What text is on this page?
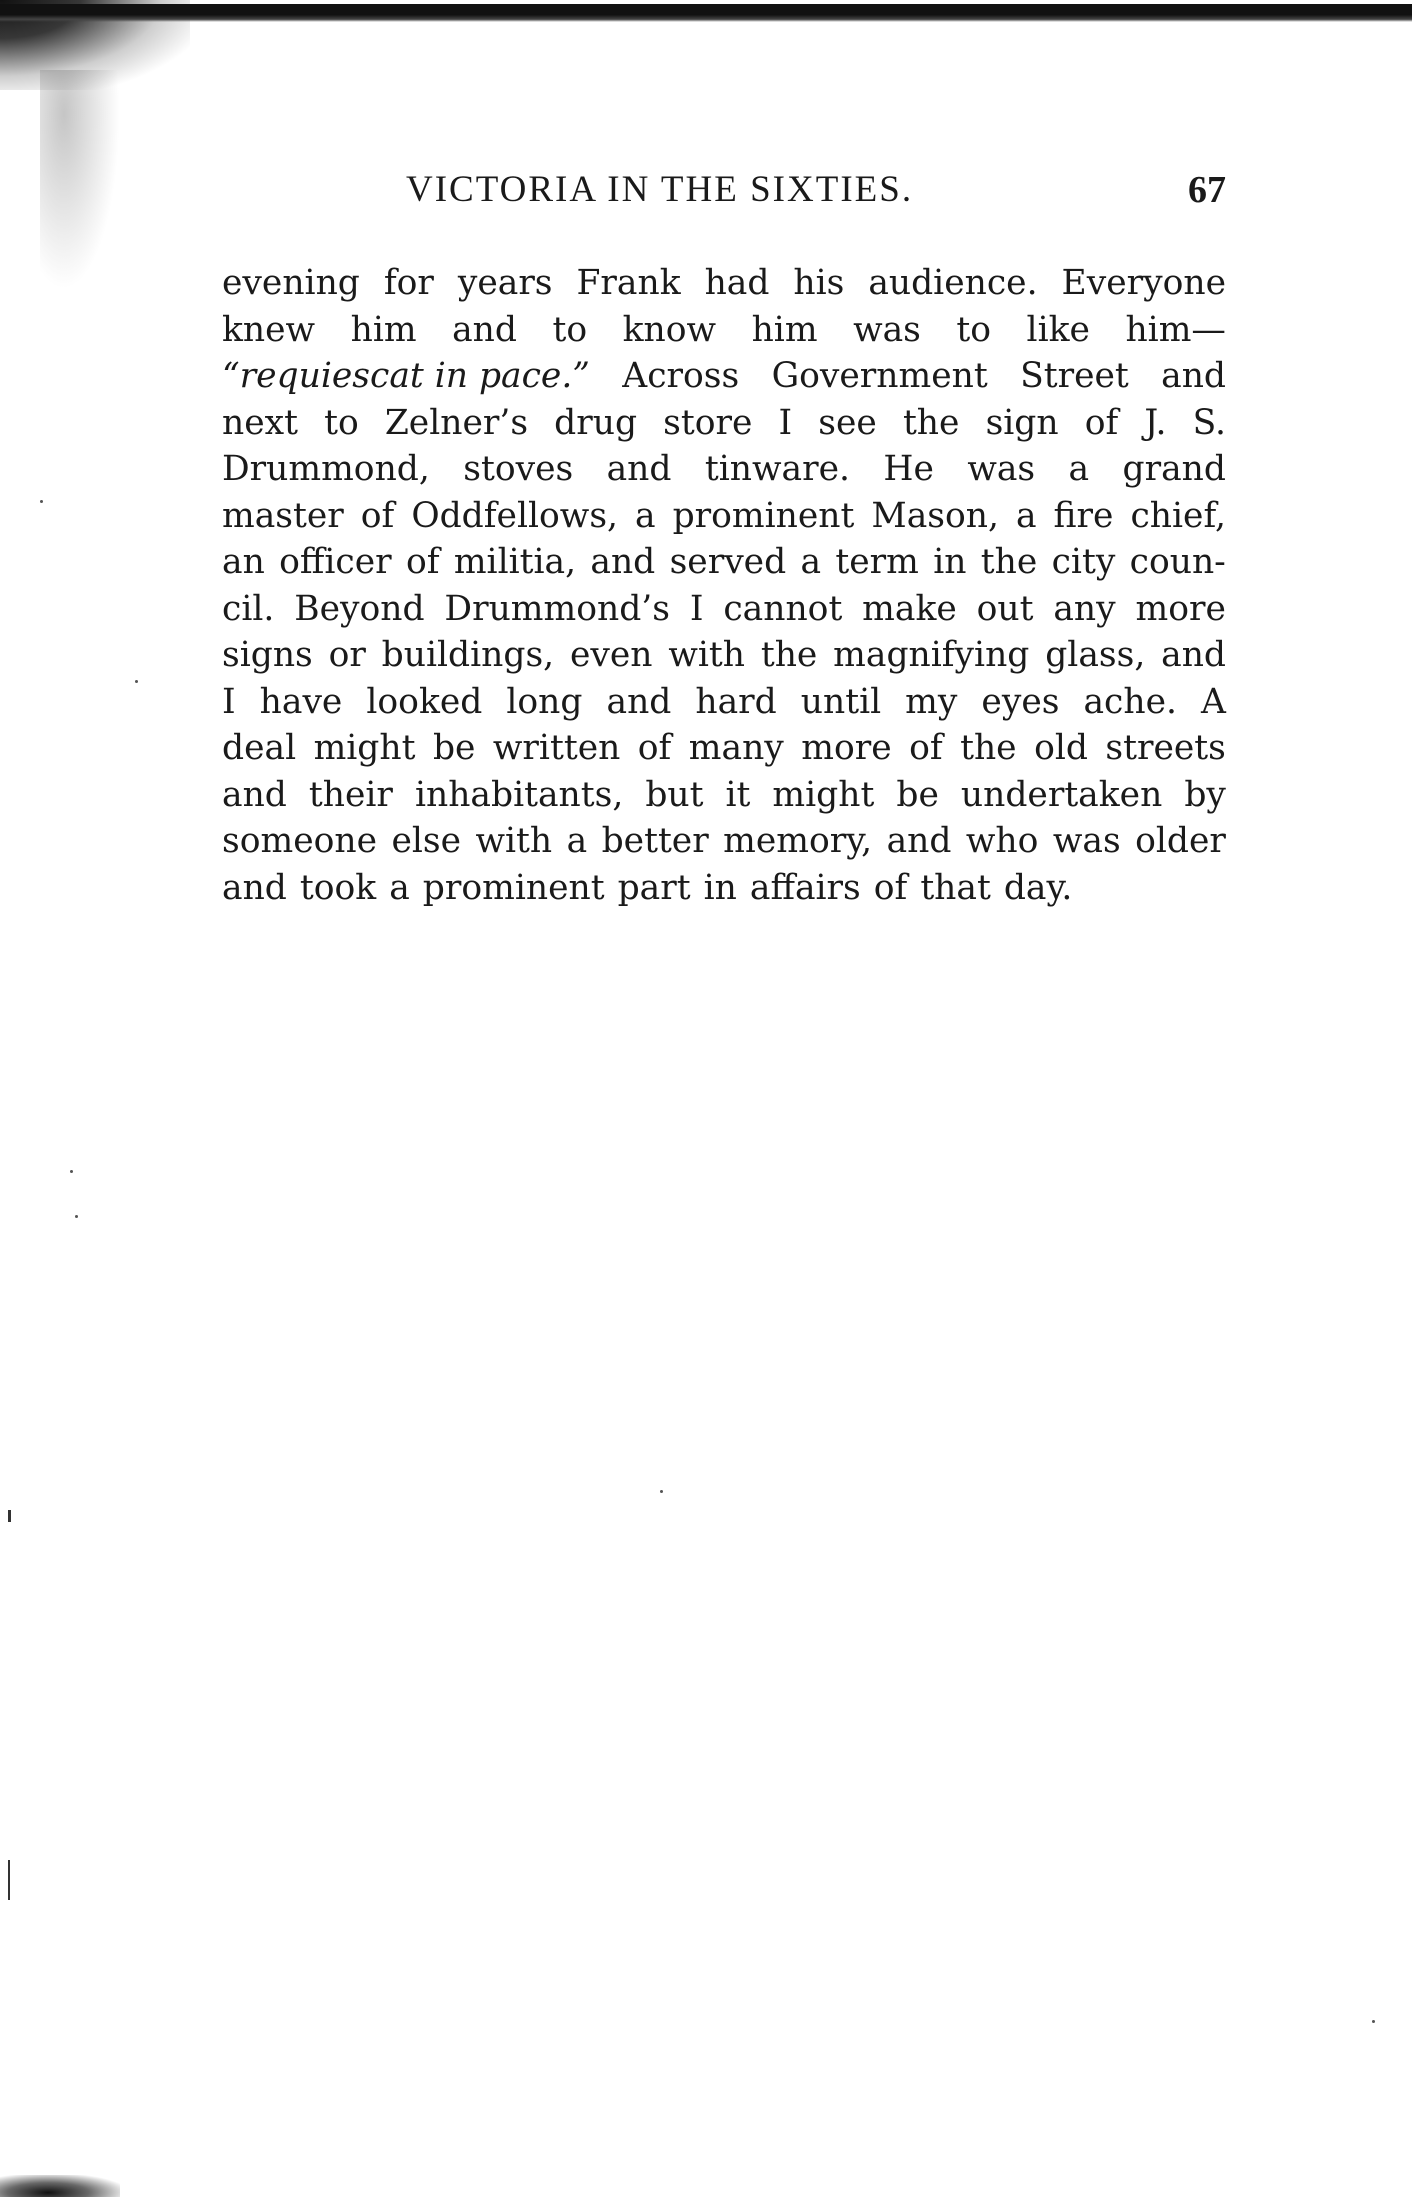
VICTORIA IN THE SIXTIES.	67
evening for years Frank had his audience. Everyone
knew him and to know him was to like him—
“requiescat in pace.” Across Government Street and
next to Zelner’s drug store I see the sign of J. S.
Drummond, stoves and tinware. He was a grand
master of Oddfellows, a prominent Mason, a fire chief,
an officer of militia, and served a term in the city coun-
cil. Beyond Drummond’s I cannot make out any more
signs or buildings, even with the magnifying glass, and
I have looked long and hard until my eyes ache. A
deal might be written of many more of the old streets
and their inhabitants, but it might be undertaken by
someone else with a better memory, and who was older
and took a prominent part in affairs of that day.
